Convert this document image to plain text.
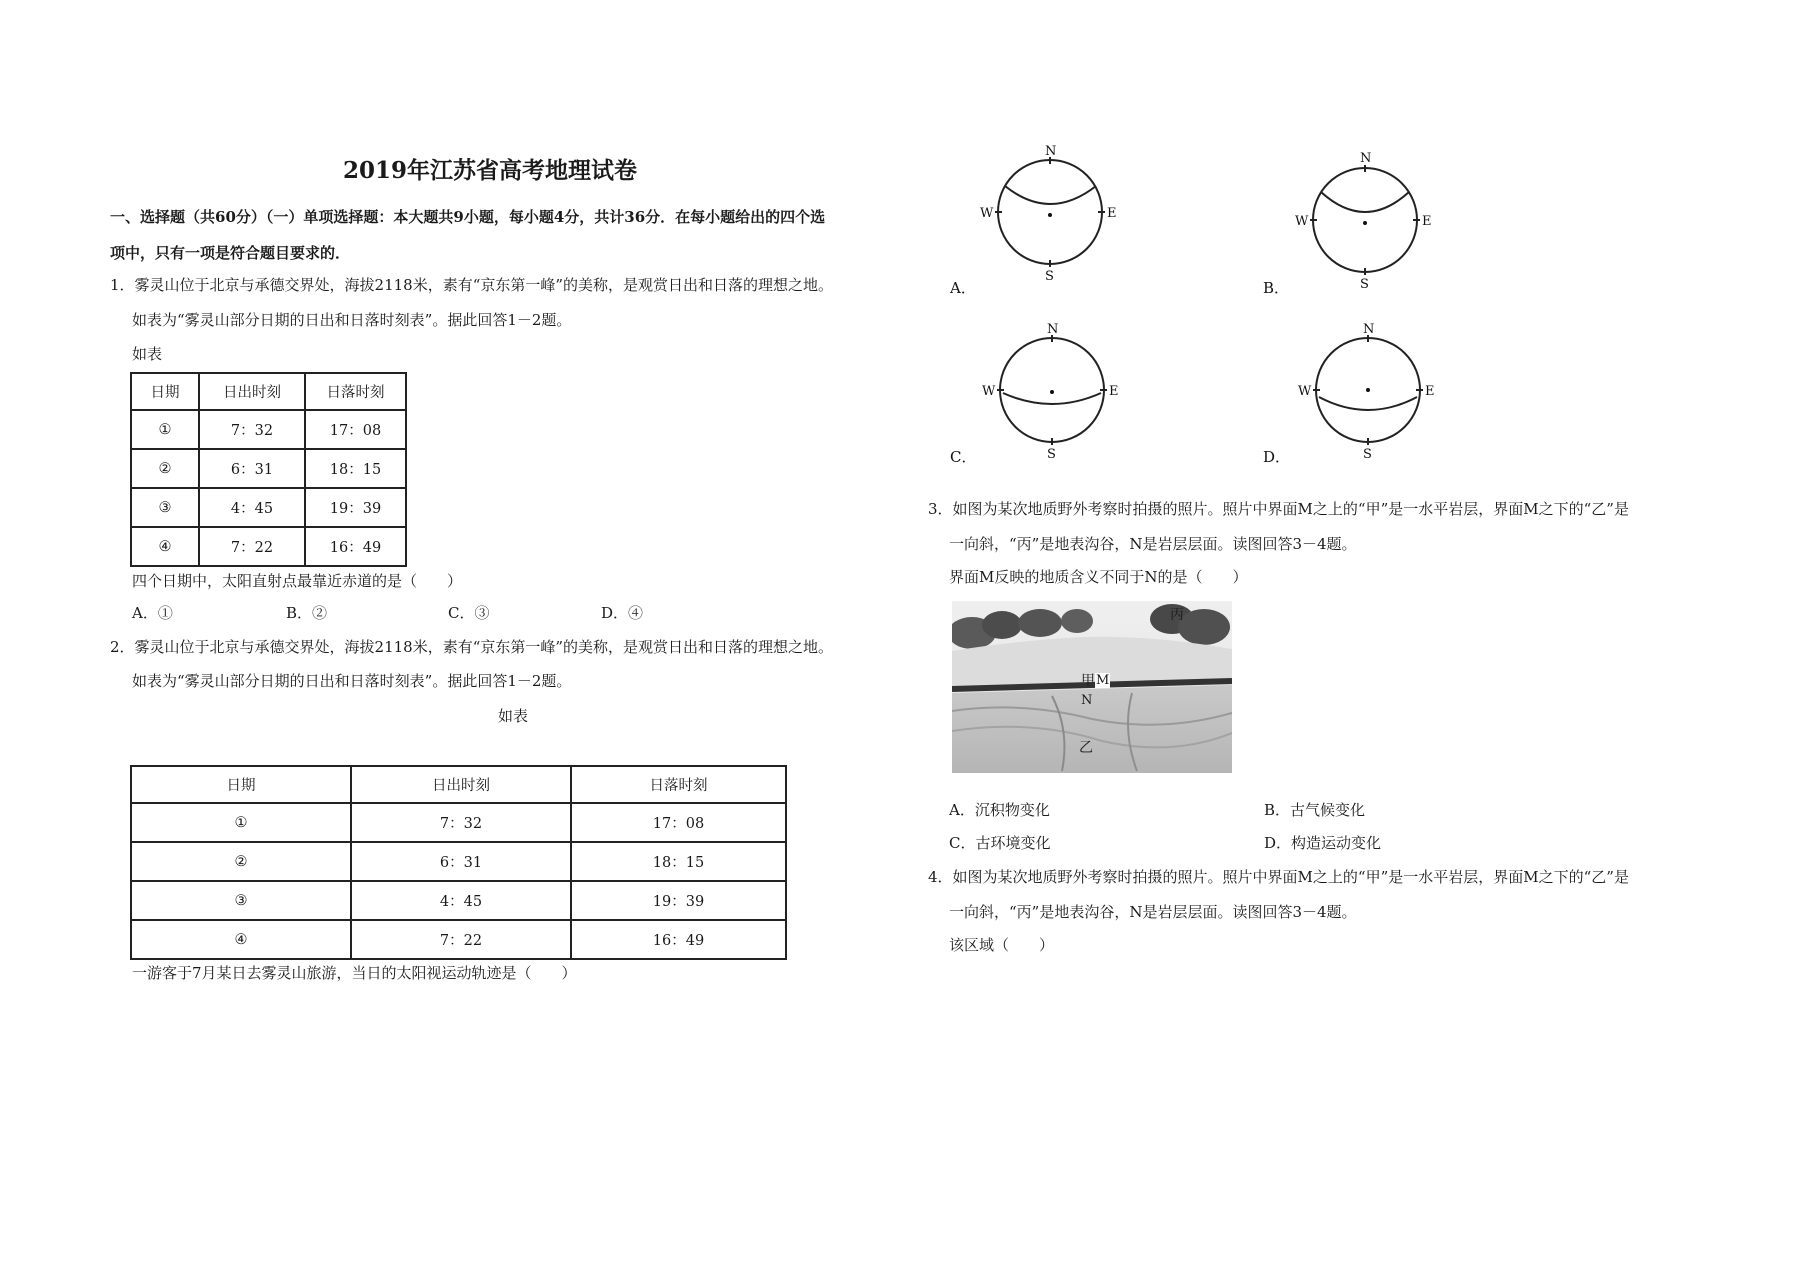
2019年江苏省高考地理试卷
一、选择题（共60分）（一）单项选择题：本大题共9小题，每小题4分，共计36分．在每小题给出的四个选
项中，只有一项是符合题目要求的．
1．雾灵山位于北京与承德交界处，海拔2118米，素有“京东第一峰”的美称，是观赏日出和日落的理想之地。
如表为“雾灵山部分日期的日出和日落时刻表”。据此回答1－2题。
如表
日期	日出时刻	日落时刻
①	7：32	17：08
②	6：31	18：15
③	4：45	19：39
④	7：22	16：49
四个日期中，太阳直射点最靠近赤道的是（　　）
A．①	B．②	C．③	D．④
2．雾灵山位于北京与承德交界处，海拔2118米，素有“京东第一峰”的美称，是观赏日出和日落的理想之地。
如表为“雾灵山部分日期的日出和日落时刻表”。据此回答1－2题。
如表
日期	日出时刻	日落时刻
①	7：32	17：08
②	6：31	18：15
③	4：45	19：39
④	7：22	16：49
一游客于7月某日去雾灵山旅游，当日的太阳视运动轨迹是（　　）
N
S
W	E
A．
N
S
W	E
B．
N
S
W	E
C．
N
S
W	E
D．
3．如图为某次地质野外考察时拍摄的照片。照片中界面M之上的“甲”是一水平岩层，界面M之下的“乙”是
一向斜，“丙”是地表沟谷，N是岩层层面。读图回答3－4题。
界面M反映的地质含义不同于N的是（　　）
丙
甲 M
N
乙
A．沉积物变化	B．古气候变化
C．古环境变化	D．构造运动变化
4．如图为某次地质野外考察时拍摄的照片。照片中界面M之上的“甲”是一水平岩层，界面M之下的“乙”是
一向斜，“丙”是地表沟谷，N是岩层层面。读图回答3－4题。
该区域（　　）
